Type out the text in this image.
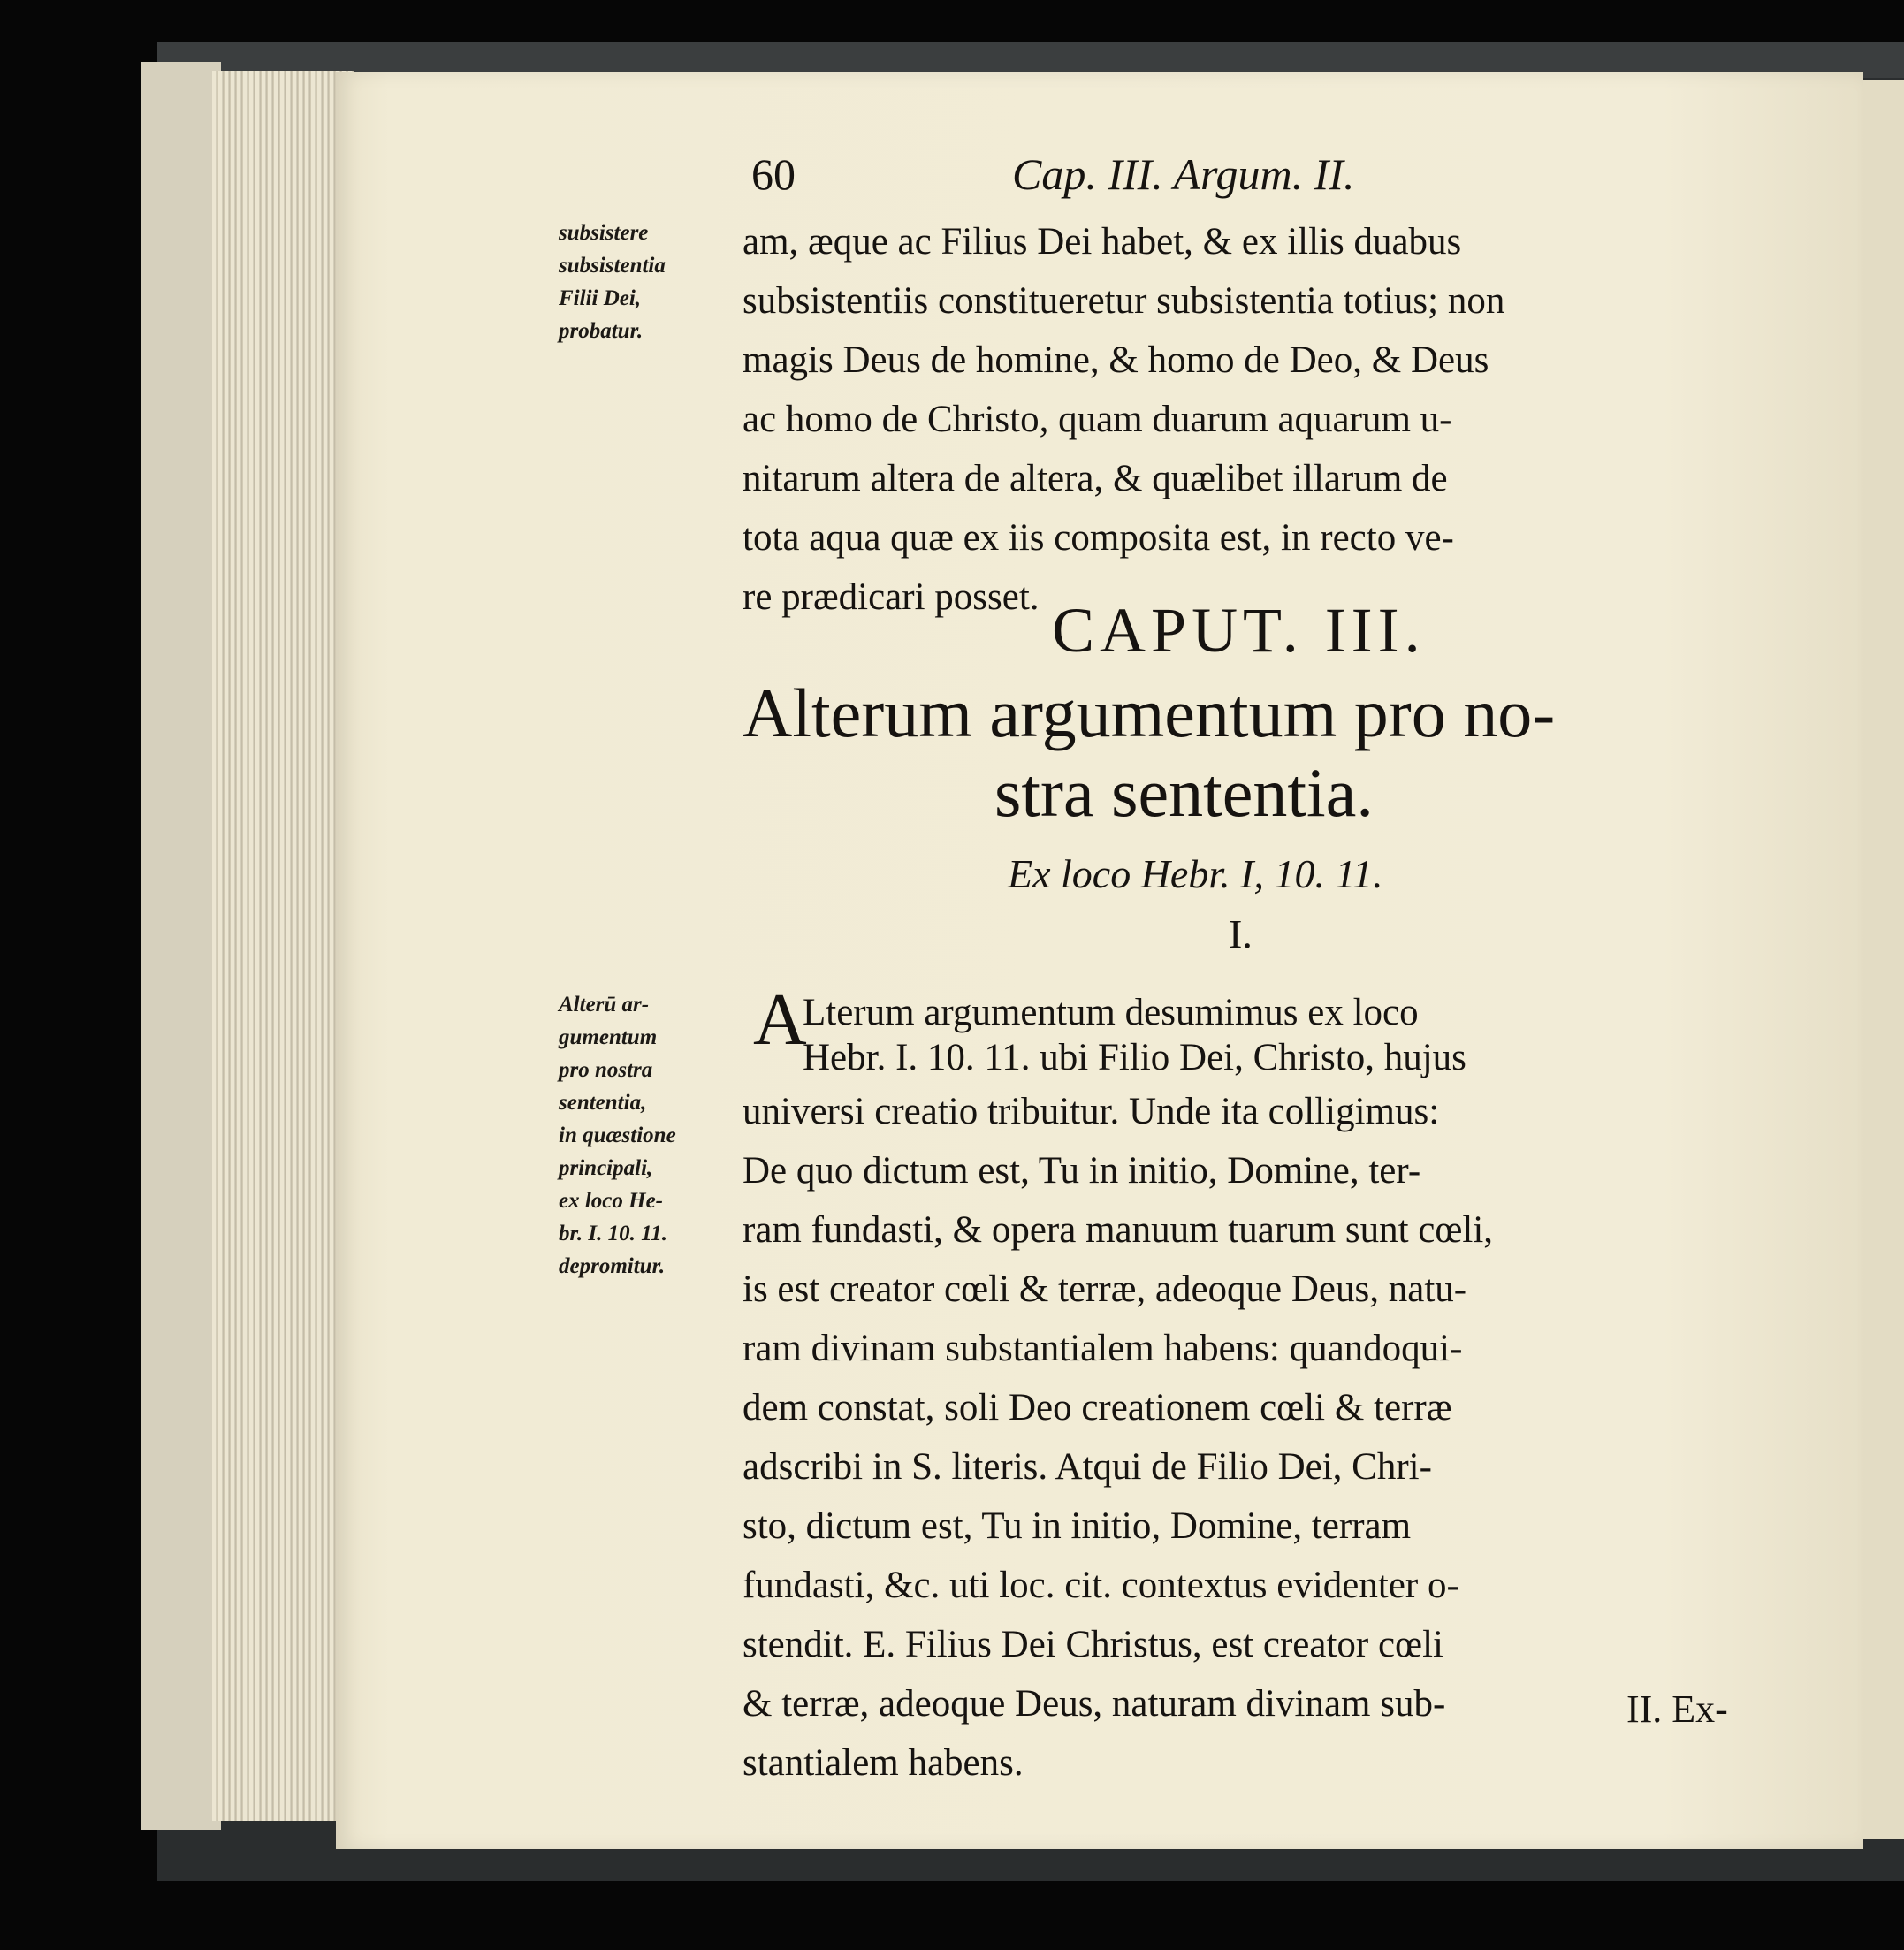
60	Cap. III. Argum. II.
subsistere
subsistentia
Filii Dei,
probatur.
am, æque ac Filius Dei habet, & ex illis duabus
subsistentiis constitueretur subsistentia totius; non
magis Deus de homine, & homo de Deo, & Deus
ac homo de Christo, quam duarum aquarum u-
nitarum altera de altera, & quælibet illarum de
tota aqua quæ ex iis composita est, in recto ve-
re prædicari posset. CAPUT. III.
Alterum argumentum pro no-
stra sententia.
Ex loco Hebr. I, 10. 11.
I.
Alterū ar-
gumentum
pro nostra
sententia,
in quæstione
principali,
ex loco He-
br. I. 10. 11.
depromitur.
A
Lterum argumentum desumimus ex loco
Hebr. I. 10. 11. ubi Filio Dei, Christo, hujus
universi creatio tribuitur. Unde ita colligimus:
De quo dictum est, Tu in initio, Domine, ter-
ram fundasti, & opera manuum tuarum sunt cœli,
is est creator cœli & terræ, adeoque Deus, natu-
ram divinam substantialem habens: quandoqui-
dem constat, soli Deo creationem cœli & terræ
adscribi in S. literis. Atqui de Filio Dei, Chri-
sto, dictum est, Tu in initio, Domine, terram
fundasti, &c. uti loc. cit. contextus evidenter o-
stendit. E. Filius Dei Christus, est creator cœli
& terræ, adeoque Deus, naturam divinam sub-
stantialem habens.
II. Ex-
